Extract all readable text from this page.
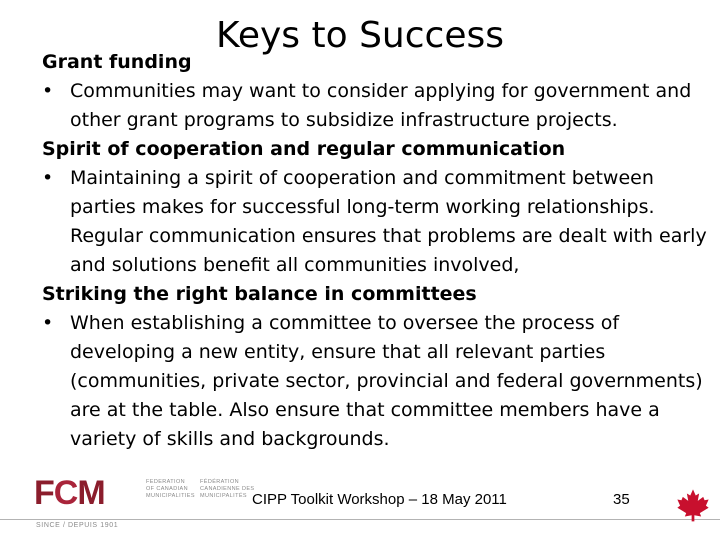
Keys to Success
Grant funding
• Communities may want to consider applying for government and other grant programs to subsidize infrastructure projects.
Spirit of cooperation and regular communication
• Maintaining a spirit of cooperation and commitment between parties makes for successful long-term working relationships. Regular communication ensures that problems are dealt with early and solutions benefit all communities involved,
Striking the right balance in committees
• When establishing a committee to oversee the process of developing a new entity, ensure that all relevant parties (communities, private sector, provincial and federal governments) are at the table. Also ensure that committee members have a variety of skills and backgrounds.
FCM	FEDERATION
OF CANADIAN
MUNICIPALITIES
FÉDÉRATION
CANADIENNE DES
MUNICIPALITÉS
SINCE / DEPUIS 1901
CIPP Toolkit Workshop – 18 May 2011	35
